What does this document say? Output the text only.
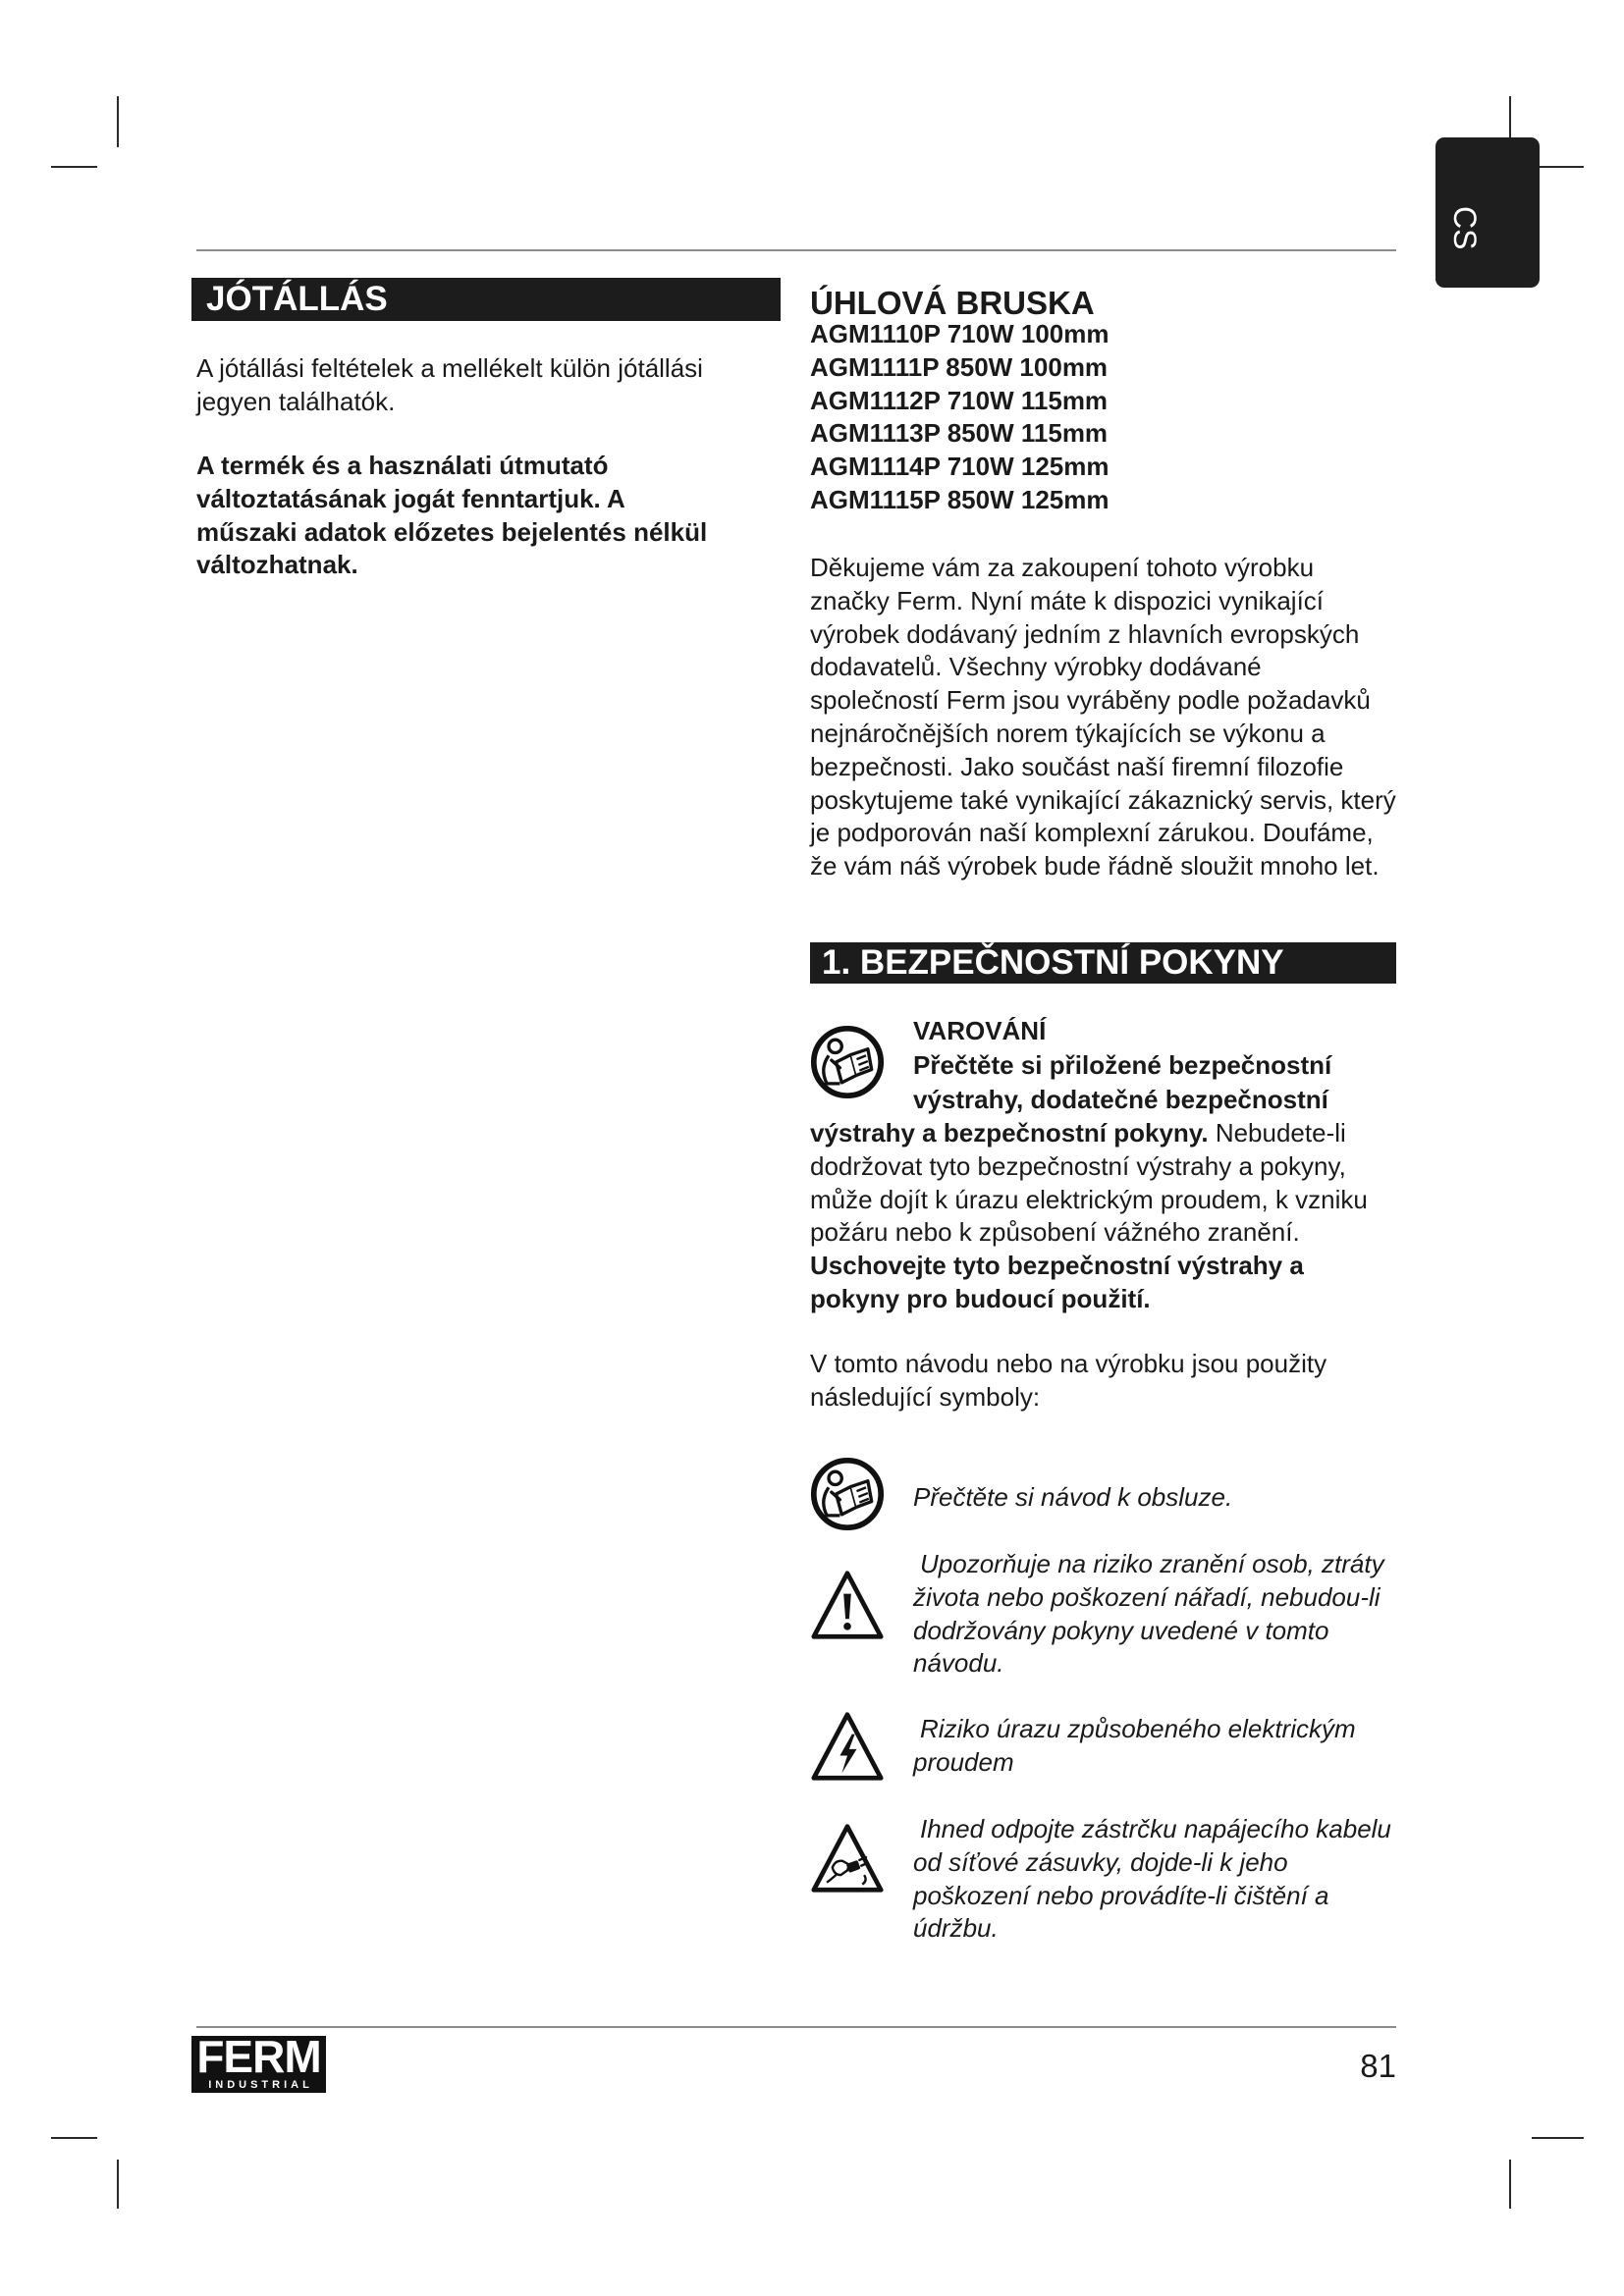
CS
JÓTÁLLÁS
A jótállási feltételek a mellékelt külön jótállási
jegyen találhatók.
A termék és a használati útmutató
változtatásának jogát fenntartjuk. A
műszaki adatok előzetes bejelentés nélkül
változhatnak.
ÚHLOVÁ BRUSKA
AGM1110P 710W 100mm
AGM1111P 850W 100mm
AGM1112P 710W 115mm
AGM1113P 850W 115mm
AGM1114P 710W 125mm
AGM1115P 850W 125mm
Děkujeme vám za zakoupení tohoto výrobku
značky Ferm. Nyní máte k dispozici vynikající
výrobek dodávaný jedním z hlavních evropských
dodavatelů. Všechny výrobky dodávané
společností Ferm jsou vyráběny podle požadavků
nejnáročnějších norem týkajících se výkonu a
bezpečnosti. Jako součást naší firemní filozofie
poskytujeme také vynikající zákaznický servis, který
je podporován naší komplexní zárukou. Doufáme,
že vám náš výrobek bude řádně sloužit mnoho let.
1. BEZPEČNOSTNÍ POKYNY
VAROVÁNÍ
Přečtěte si přiložené bezpečnostní
výstrahy, dodatečné bezpečnostní
výstrahy a bezpečnostní pokyny. Nebudete-li
dodržovat tyto bezpečnostní výstrahy a pokyny,
může dojít k úrazu elektrickým proudem, k vzniku
požáru nebo k způsobení vážného zranění.
Uschovejte tyto bezpečnostní výstrahy a
pokyny pro budoucí použití.
V tomto návodu nebo na výrobku jsou použity
následující symboly:
Přečtěte si návod k obsluze.
Upozorňuje na riziko zranění osob, ztráty
života nebo poškození nářadí, nebudou-li
dodržovány pokyny uvedené v tomto
návodu.
Riziko úrazu způsobeného elektrickým
proudem
Ihned odpojte zástrčku napájecího kabelu
od síťové zásuvky, dojde-li k jeho
poškození nebo provádíte-li čištění a
údržbu.
FERM
INDUSTRIAL
81
